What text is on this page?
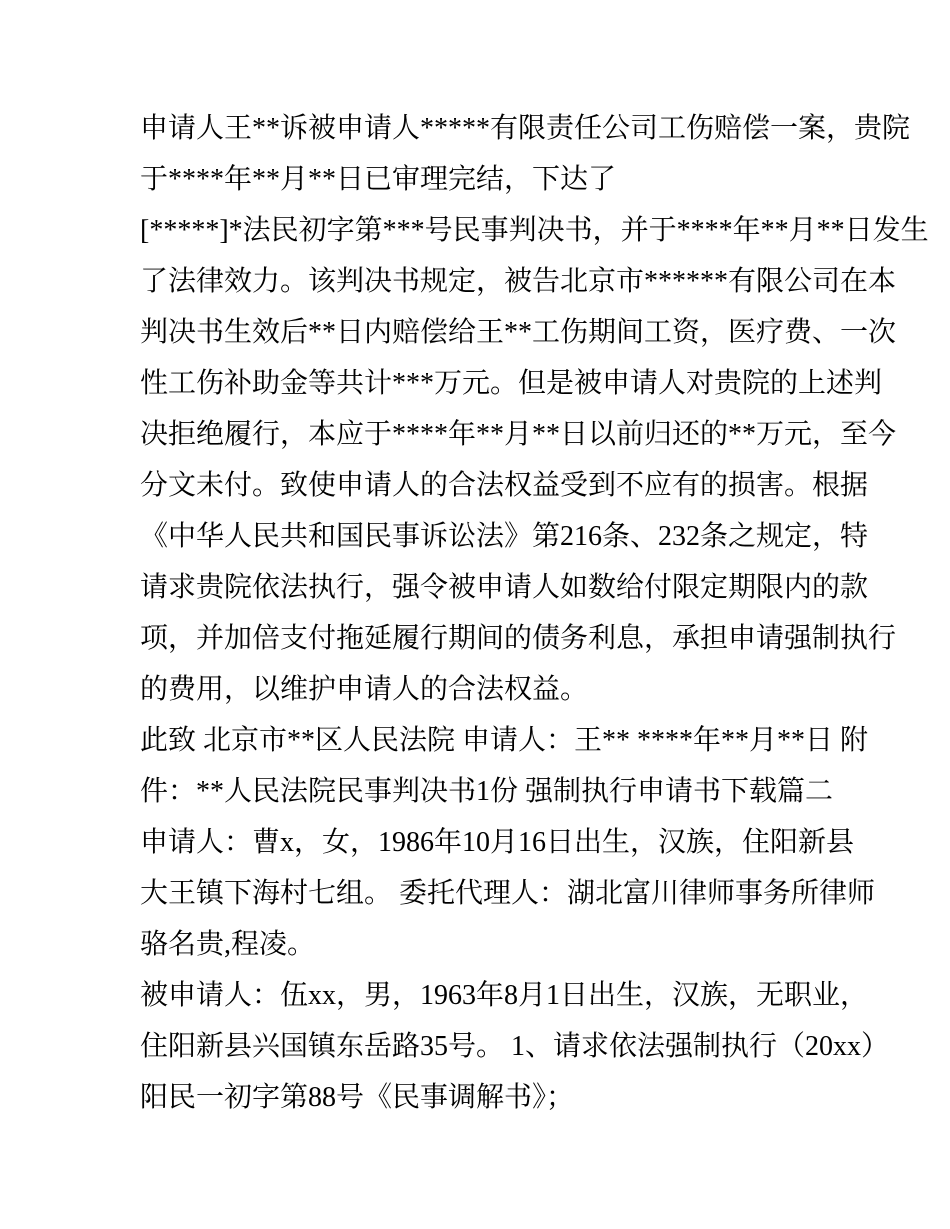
申请人王**诉被申请人*****有限责任公司工伤赔偿一案，贵院
于****年**月**日已审理完结，下达了
[*****]*法民初字第***号民事判决书，并于****年**月**日发生
了法律效力。该判决书规定，被告北京市******有限公司在本
判决书生效后**日内赔偿给王**工伤期间工资，医疗费、一次
性工伤补助金等共计***万元。但是被申请人对贵院的上述判
决拒绝履行，本应于****年**月**日以前归还的**万元，至今
分文未付。致使申请人的合法权益受到不应有的损害。根据
《中华人民共和国民事诉讼法》第216条、232条之规定，特
请求贵院依法执行，强令被申请人如数给付限定期限内的款
项，并加倍支付拖延履行期间的债务利息，承担申请强制执行
的费用，以维护申请人的合法权益。
此致 北京市**区人民法院 申请人：王** ****年**月**日 附
件：**人民法院民事判决书1份 强制执行申请书下载篇二
申请人：曹x，女，1986年10月16日出生，汉族，住阳新县
大王镇下海村七组。 委托代理人：湖北富川律师事务所律师
骆名贵,程凌。
被申请人：伍xx，男，1963年8月1日出生，汉族，无职业，
住阳新县兴国镇东岳路35号。 1、请求依法强制执行（20xx）
阳民一初字第88号《民事调解书》；
